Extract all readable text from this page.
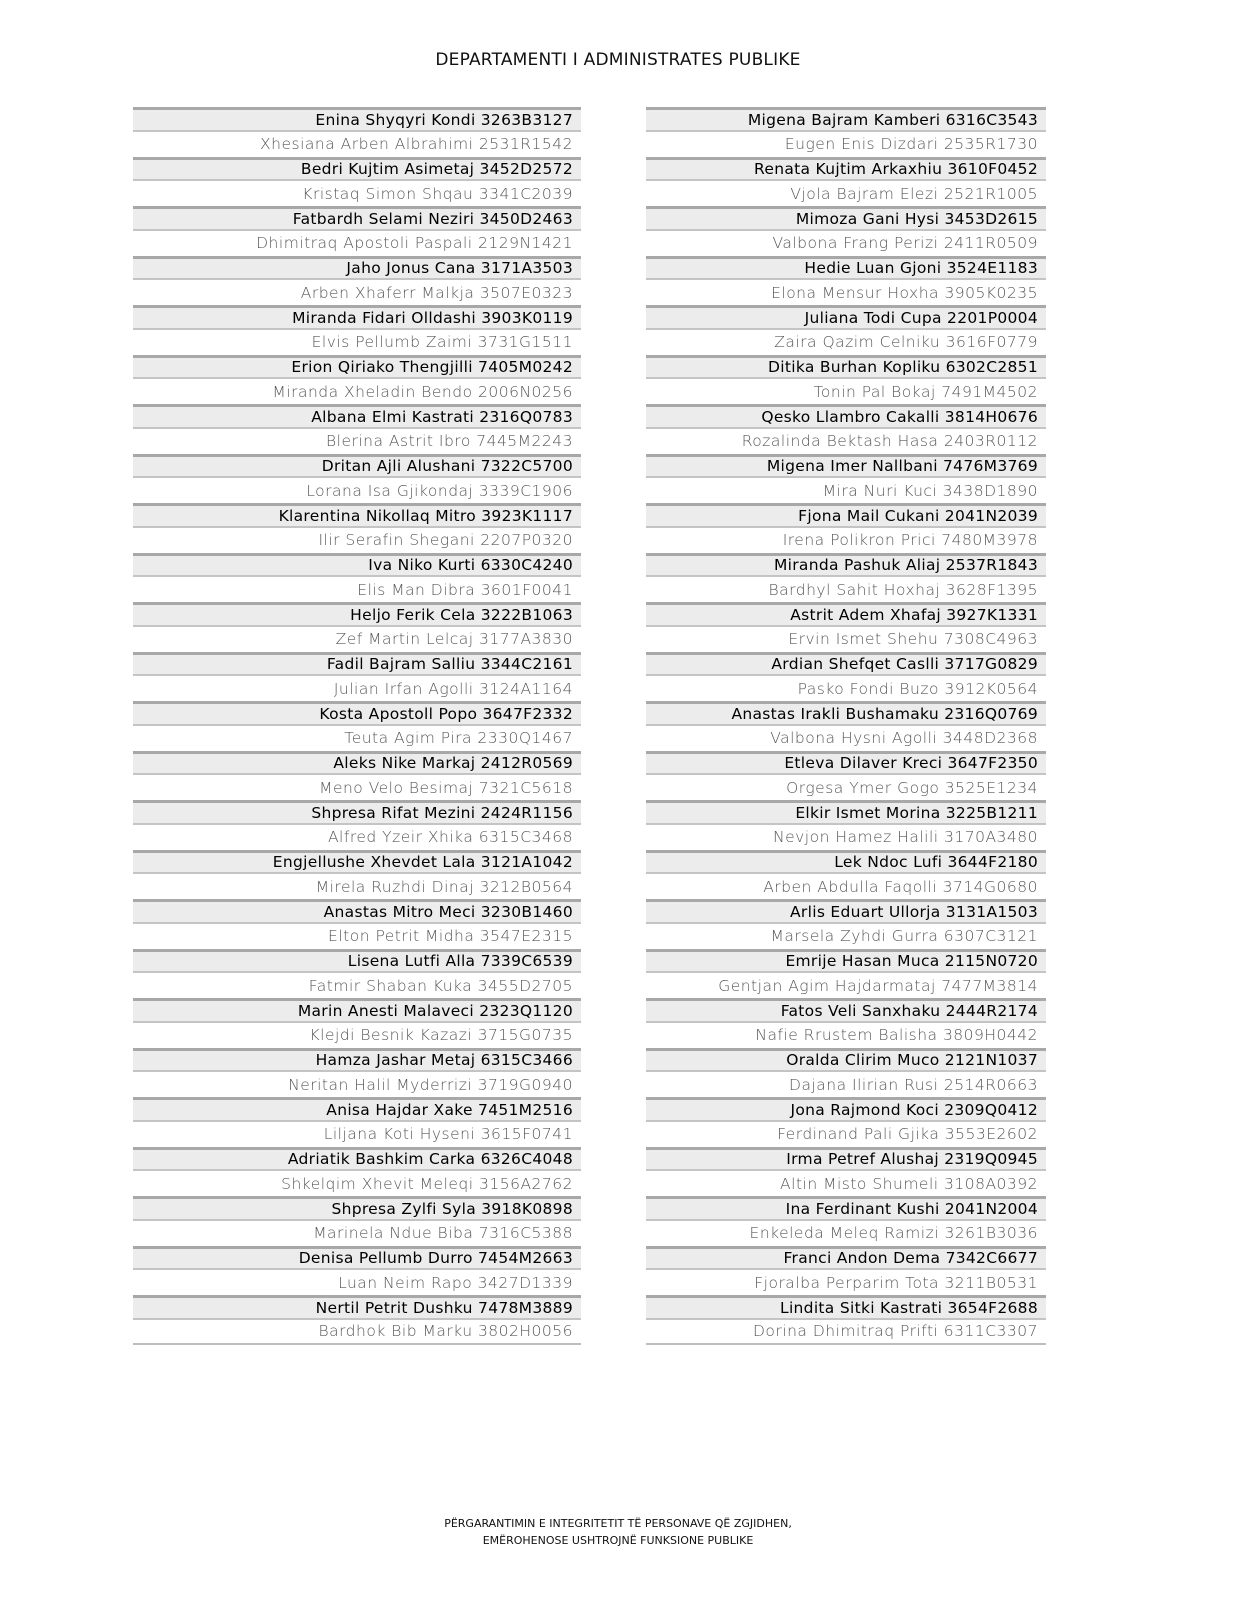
DEPARTAMENTI I ADMINISTRATES PUBLIKE
Enina Shyqyri Kondi 3263B3127
Xhesiana Arben Albrahimi 2531R1542
Bedri Kujtim Asimetaj 3452D2572
Kristaq Simon Shqau 3341C2039
Fatbardh Selami Neziri 3450D2463
Dhimitraq Apostoli Paspali 2129N1421
Jaho Jonus Cana 3171A3503
Arben Xhaferr Malkja 3507E0323
Miranda Fidari Olldashi 3903K0119
Elvis Pellumb Zaimi 3731G1511
Erion Qiriako Thengjilli 7405M0242
Miranda Xheladin Bendo 2006N0256
Albana Elmi Kastrati 2316Q0783
Blerina Astrit Ibro 7445M2243
Dritan Ajli Alushani 7322C5700
Lorana Isa Gjikondaj 3339C1906
Klarentina Nikollaq Mitro 3923K1117
Ilir Serafin Shegani 2207P0320
Iva Niko Kurti 6330C4240
Elis Man Dibra 3601F0041
Heljo Ferik Cela 3222B1063
Zef Martin Lelcaj 3177A3830
Fadil Bajram Salliu 3344C2161
Julian Irfan Agolli 3124A1164
Kosta Apostoll Popo 3647F2332
Teuta Agim Pira 2330Q1467
Aleks Nike Markaj 2412R0569
Meno Velo Besimaj 7321C5618
Shpresa Rifat Mezini 2424R1156
Alfred Yzeir Xhika 6315C3468
Engjellushe Xhevdet Lala 3121A1042
Mirela Ruzhdi Dinaj 3212B0564
Anastas Mitro Meci 3230B1460
Elton Petrit Midha 3547E2315
Lisena Lutfi Alla 7339C6539
Fatmir Shaban Kuka 3455D2705
Marin Anesti Malaveci 2323Q1120
Klejdi Besnik Kazazi 3715G0735
Hamza Jashar Metaj 6315C3466
Neritan Halil Myderrizi 3719G0940
Anisa Hajdar Xake 7451M2516
Liljana Koti Hyseni 3615F0741
Adriatik Bashkim Carka 6326C4048
Shkelqim Xhevit Meleqi 3156A2762
Shpresa Zylfi Syla 3918K0898
Marinela Ndue Biba 7316C5388
Denisa Pellumb Durro 7454M2663
Luan Neim Rapo 3427D1339
Nertil Petrit Dushku 7478M3889
Bardhok Bib Marku 3802H0056
Migena Bajram Kamberi 6316C3543
Eugen Enis Dizdari 2535R1730
Renata Kujtim Arkaxhiu 3610F0452
Vjola Bajram Elezi 2521R1005
Mimoza Gani Hysi 3453D2615
Valbona Frang Perizi 2411R0509
Hedie Luan Gjoni 3524E1183
Elona Mensur Hoxha 3905K0235
Juliana Todi Cupa 2201P0004
Zaira Qazim Celniku 3616F0779
Ditika Burhan Kopliku 6302C2851
Tonin Pal Bokaj 7491M4502
Qesko Llambro Cakalli 3814H0676
Rozalinda Bektash Hasa 2403R0112
Migena Imer Nallbani 7476M3769
Mira Nuri Kuci 3438D1890
Fjona Mail Cukani 2041N2039
Irena Polikron Prici 7480M3978
Miranda Pashuk Aliaj 2537R1843
Bardhyl Sahit Hoxhaj 3628F1395
Astrit Adem Xhafaj 3927K1331
Ervin Ismet Shehu 7308C4963
Ardian Shefqet Caslli 3717G0829
Pasko Fondi Buzo 3912K0564
Anastas Irakli Bushamaku 2316Q0769
Valbona Hysni Agolli 3448D2368
Etleva Dilaver Kreci 3647F2350
Orgesa Ymer Gogo 3525E1234
Elkir Ismet Morina 3225B1211
Nevjon Hamez Halili 3170A3480
Lek Ndoc Lufi 3644F2180
Arben Abdulla Faqolli 3714G0680
Arlis Eduart Ullorja 3131A1503
Marsela Zyhdi Gurra 6307C3121
Emrije Hasan Muca 2115N0720
Gentjan Agim Hajdarmataj 7477M3814
Fatos Veli Sanxhaku 2444R2174
Nafie Rrustem Balisha 3809H0442
Oralda Clirim Muco 2121N1037
Dajana Ilirian Rusi 2514R0663
Jona Rajmond Koci 2309Q0412
Ferdinand Pali Gjika 3553E2602
Irma Petref Alushaj 2319Q0945
Altin Misto Shumeli 3108A0392
Ina Ferdinant Kushi 2041N2004
Enkeleda Meleq Ramizi 3261B3036
Franci Andon Dema 7342C6677
Fjoralba Perparim Tota 3211B0531
Lindita Sitki Kastrati 3654F2688
Dorina Dhimitraq Prifti 6311C3307
PËRGARANTIMIN E INTEGRITETIT TË PERSONAVE QË ZGJIDHEN,
EMËROHENOSE USHTROJNË FUNKSIONE PUBLIKE
